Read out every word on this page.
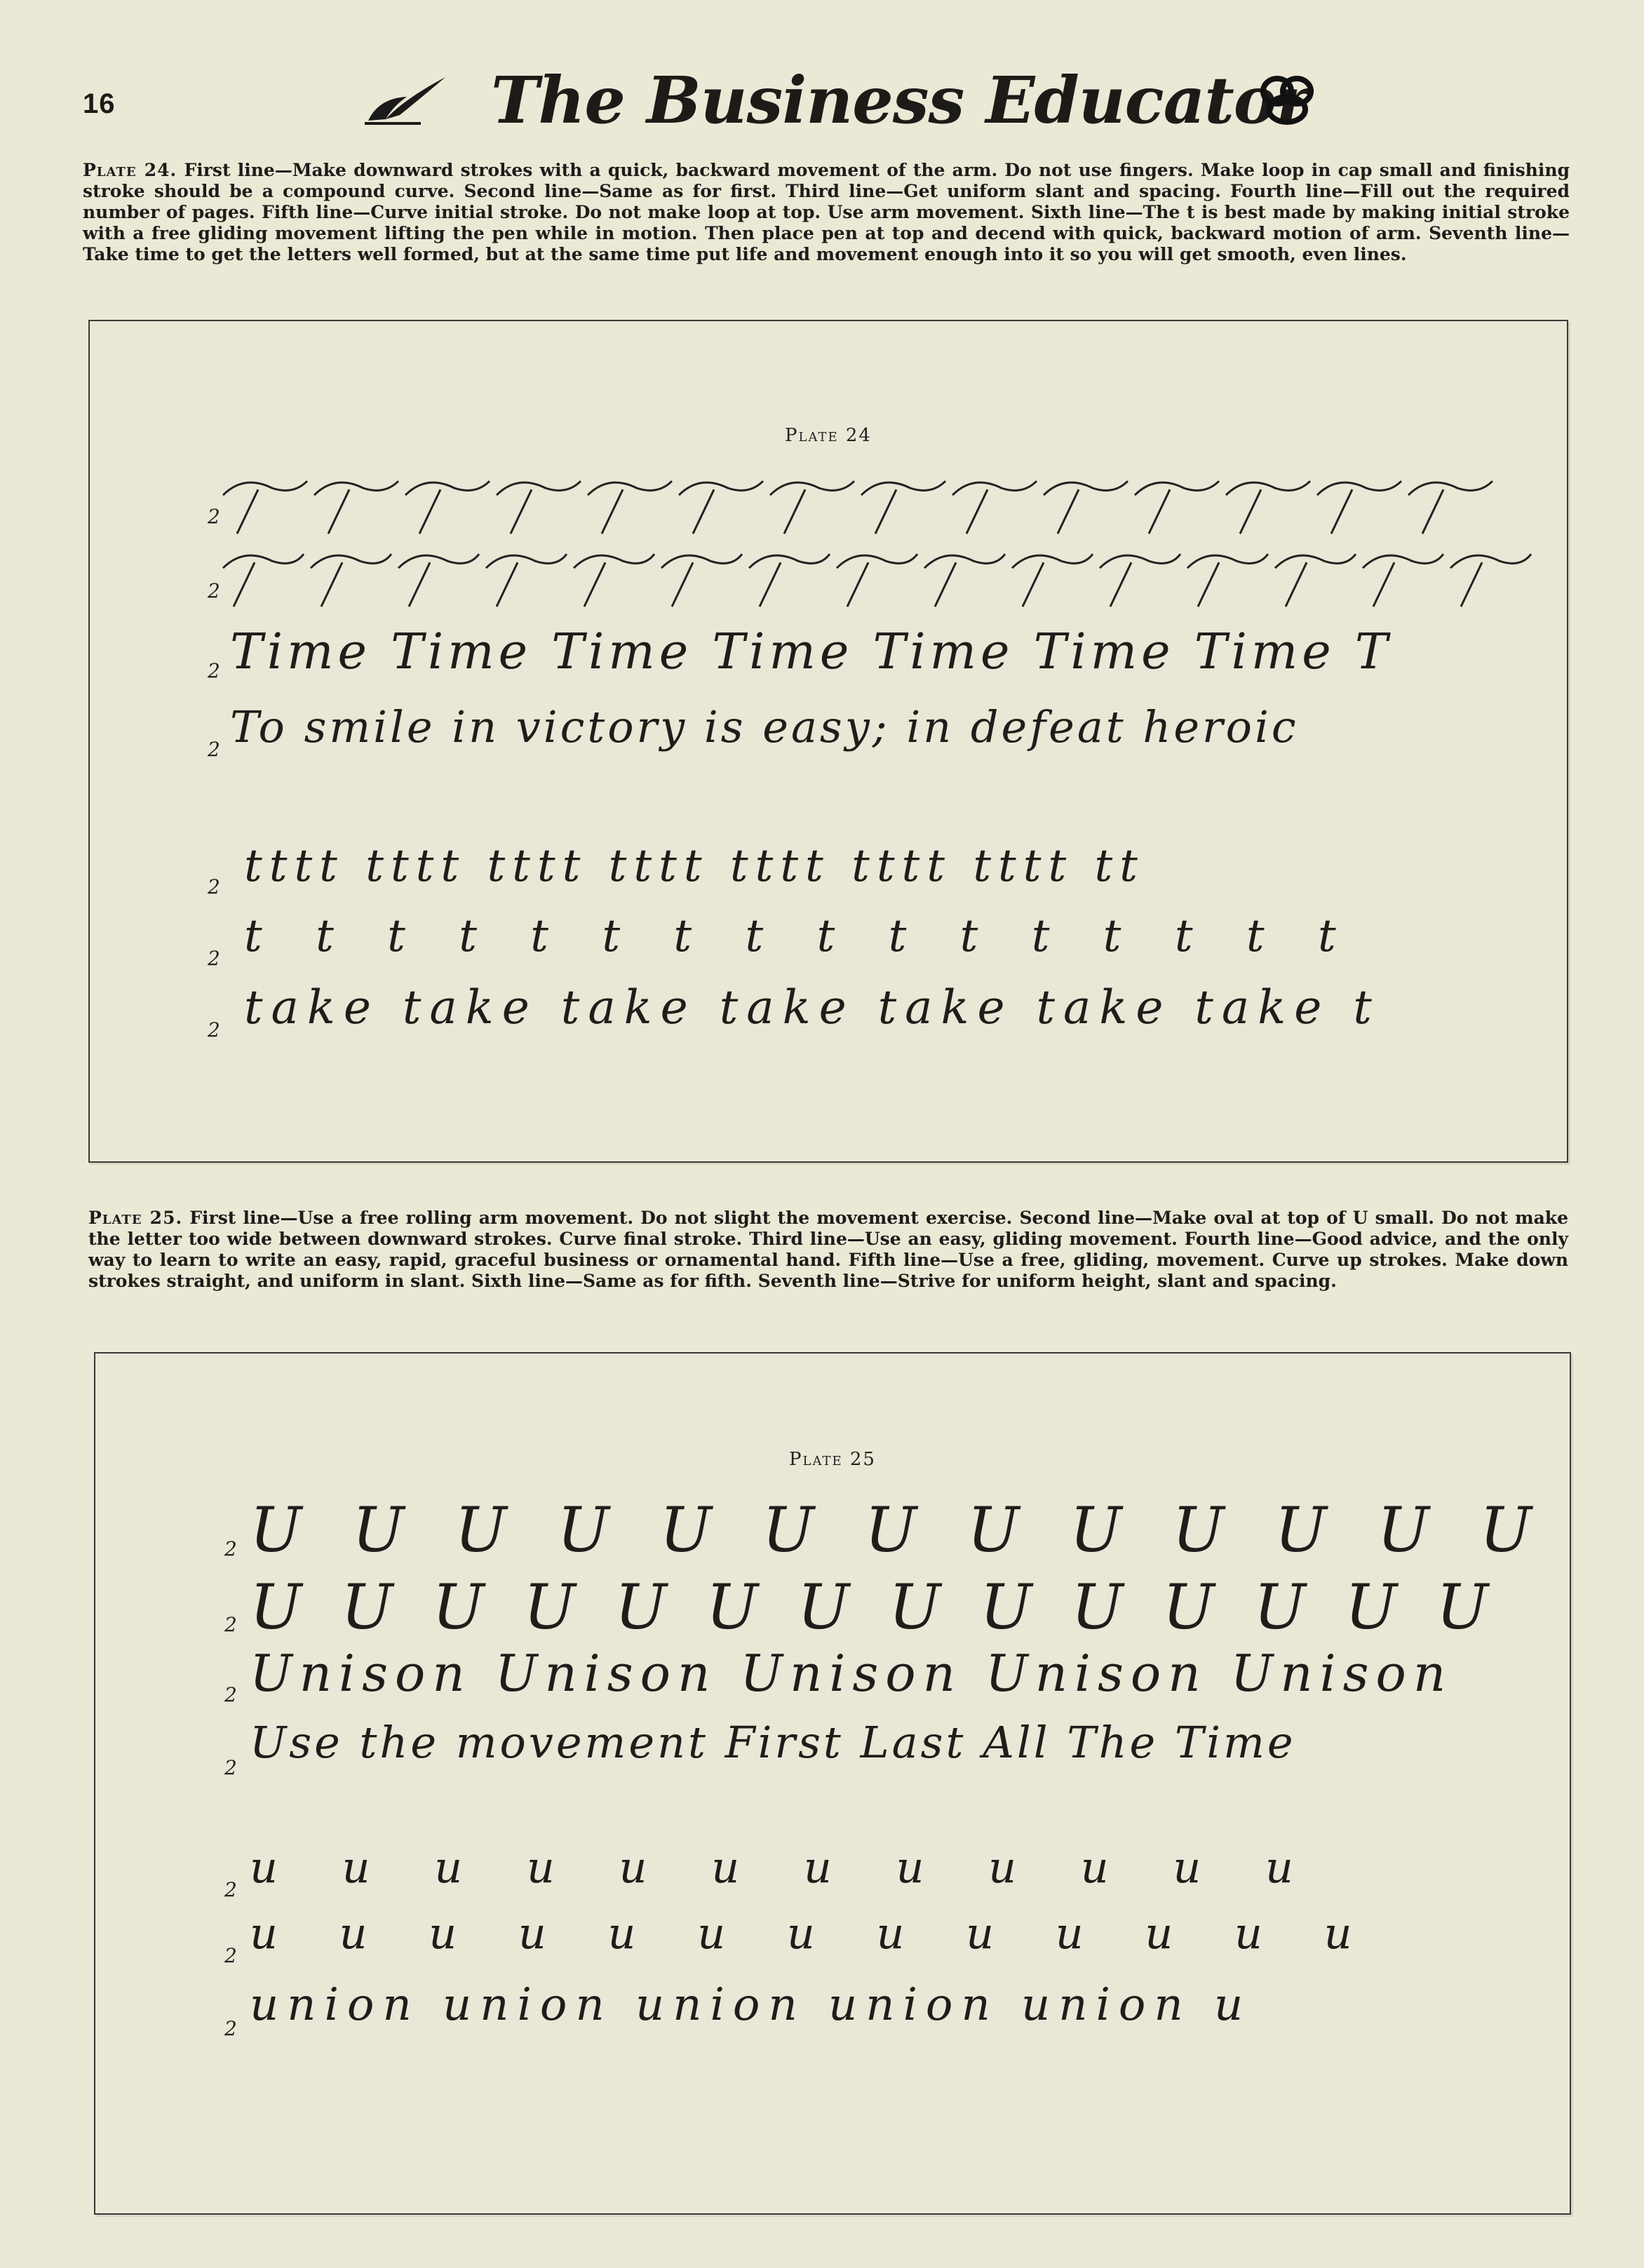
16	The Business Educator
Plate 24. First line—Make downward strokes with a quick, backward movement of the arm. Do not use fingers. Make loop in cap small and finishing stroke should be a compound curve. Second line—Same as for first. Third line—Get uniform slant and spacing. Fourth line—Fill out the required number of pages. Fifth line—Curve initial stroke. Do not make loop at top. Use arm movement. Sixth line—The t is best made by making initial stroke with a free gliding movement lifting the pen while in motion. Then place pen at top and decend with quick, backward motion of arm. Seventh line—Take time to get the letters well formed, but at the same time put life and movement enough into it so you will get smooth, even lines.
Plate 24
2
2
2 Time Time Time Time Time Time Time T
2 To smile in victory is easy; in defeat heroic
2 tttt tttt tttt tttt tttt tttt tttt tt
2 t t t t t t t t t t t t t t t t
2 take take take take take take take t
Plate 25. First line—Use a free rolling arm movement. Do not slight the movement exercise. Second line—Make oval at top of U small. Do not make the letter too wide between downward strokes. Curve final stroke. Third line—Use an easy, gliding movement. Fourth line—Good advice, and the only way to learn to write an easy, rapid, graceful business or ornamental hand. Fifth line—Use a free, gliding, movement. Curve up strokes. Make down strokes straight, and uniform in slant. Sixth line—Same as for fifth. Seventh line—Strive for uniform height, slant and spacing.
Plate 25
2 U U U U U U U U U U U U U
2 U U U U U U U U U U U U U U
2 Unison Unison Unison Unison Unison
2 Use the movement First Last All The Time
2 u u u u u u u u u u u u
2 u u u u u u u u u u u u u
2 union union union union union u
